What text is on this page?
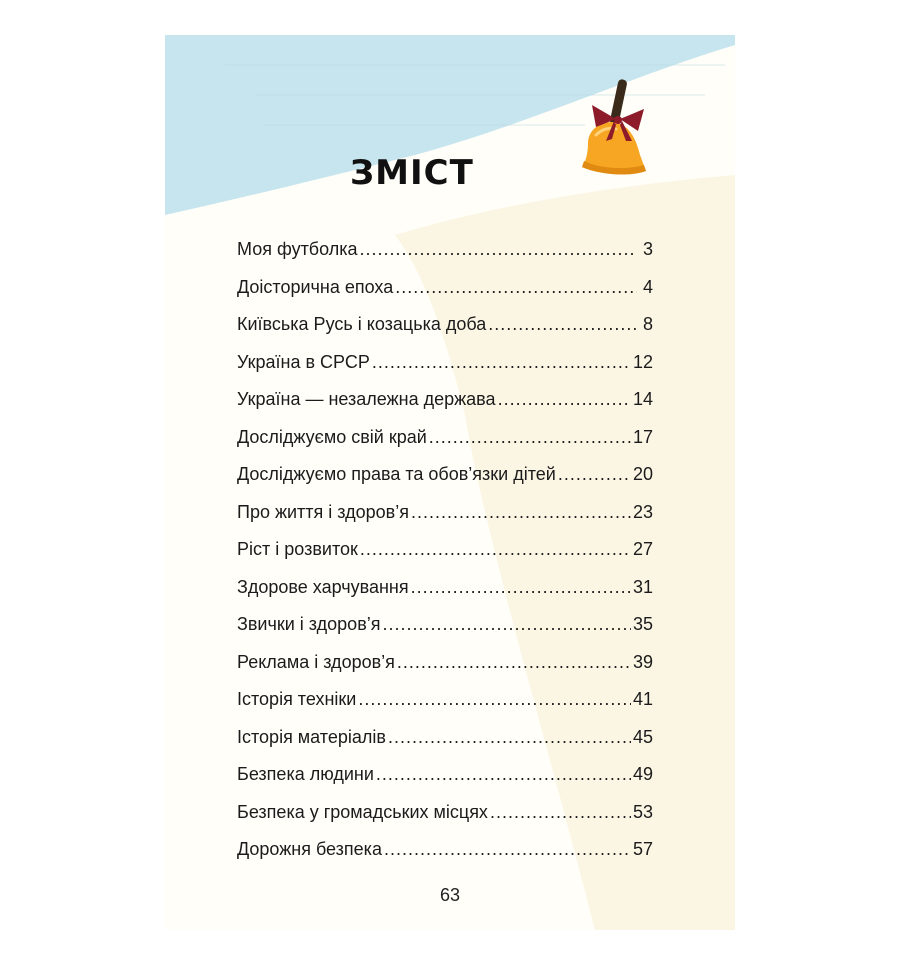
ЗМІСТ
Моя футболка .....	3
Доісторична епоха .....	4
Київська Русь і козацька доба .....	8
Україна в СРСР .....	12
Україна — незалежна держава .....	14
Досліджуємо свій край .....	17
Досліджуємо права та обов’язки дітей .....	20
Про життя і здоров’я .....	23
Ріст і розвиток .....	27
Здорове харчування .....	31
Звички і здоров’я .....	35
Реклама і здоров’я .....	39
Історія техніки .....	41
Історія матеріалів .....	45
Безпека людини .....	49
Безпека у громадських місцях .....	53
Дорожня безпека .....	57
63
